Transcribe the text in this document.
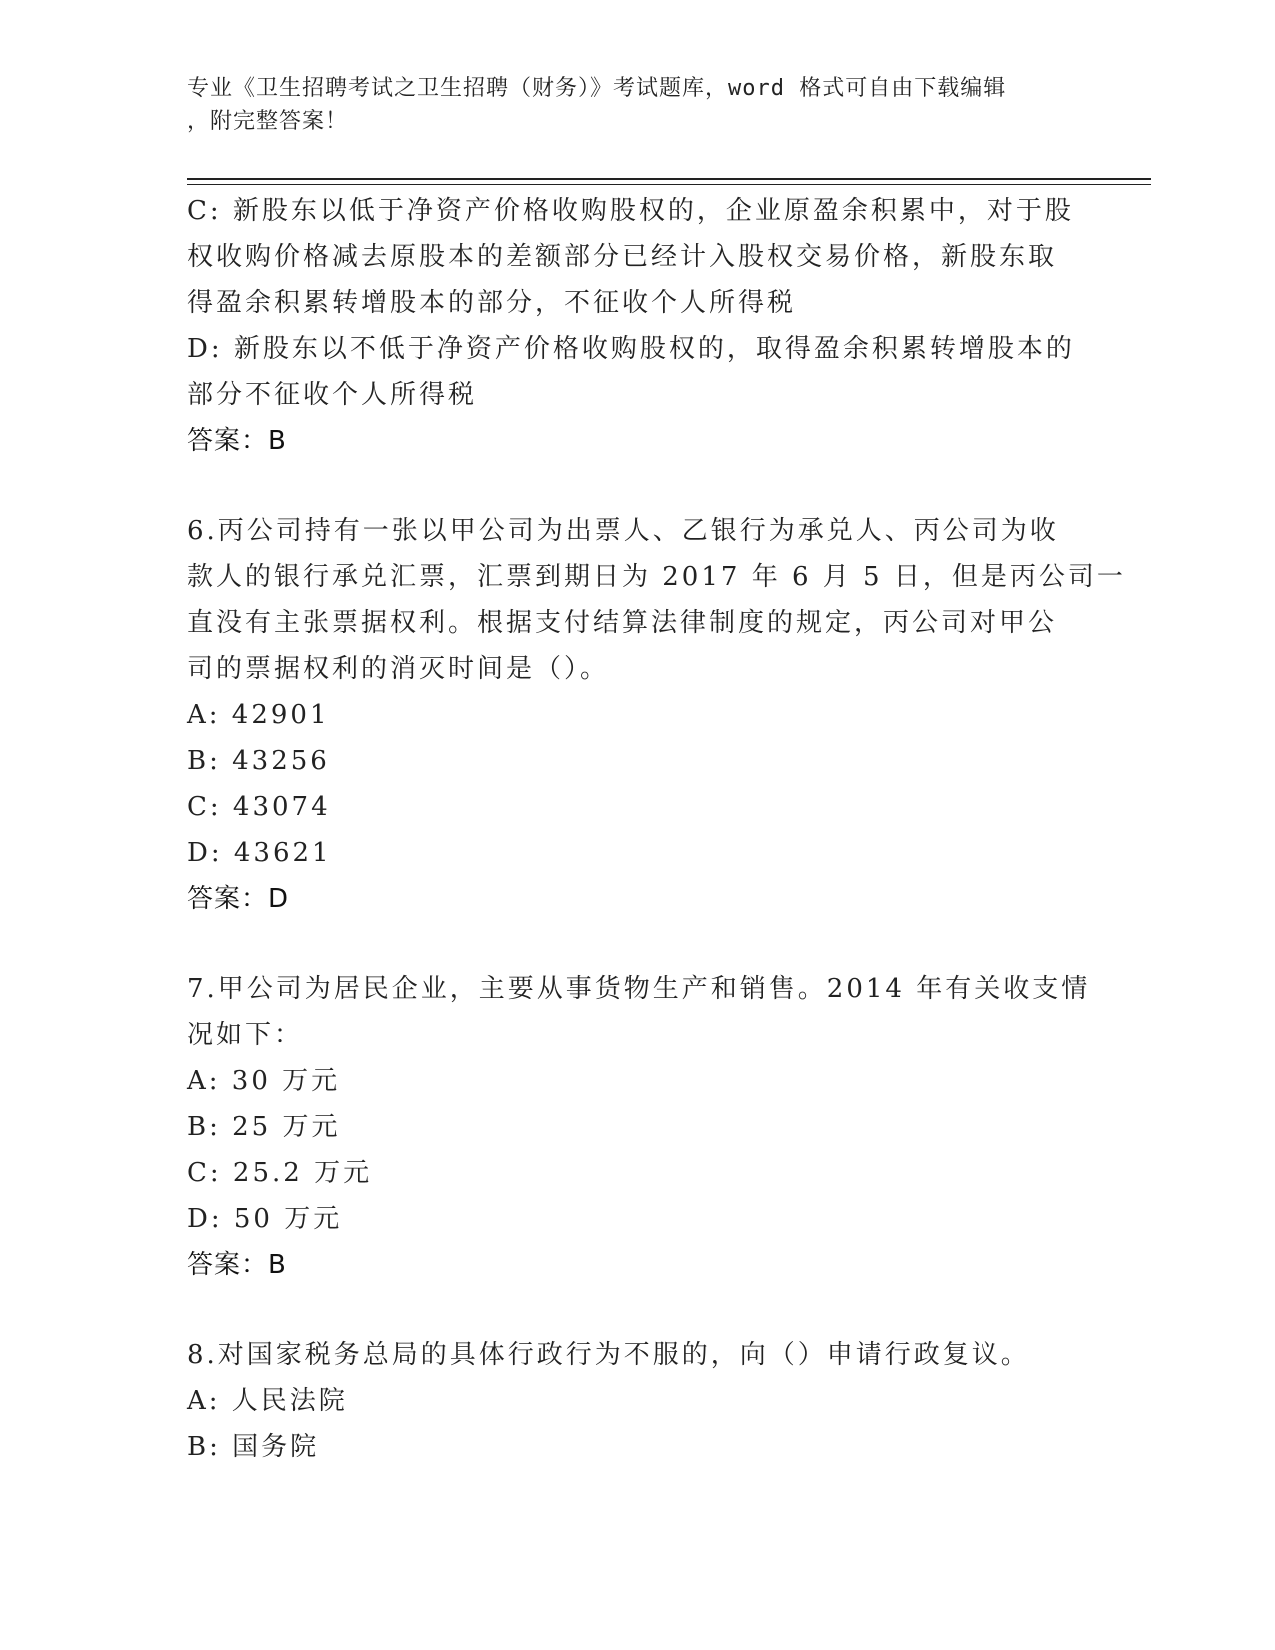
专业《卫生招聘考试之卫生招聘（财务）》考试题库，word 格式可自由下载编辑
，附完整答案！
C: 新股东以低于净资产价格收购股权的，企业原盈余积累中，对于股
权收购价格减去原股本的差额部分已经计入股权交易价格，新股东取
得盈余积累转增股本的部分，不征收个人所得税
D: 新股东以不低于净资产价格收购股权的，取得盈余积累转增股本的
部分不征收个人所得税
答案：B
6.丙公司持有一张以甲公司为出票人、乙银行为承兑人、丙公司为收
款人的银行承兑汇票，汇票到期日为 2017 年 6 月 5 日，但是丙公司一
直没有主张票据权利。根据支付结算法律制度的规定，丙公司对甲公
司的票据权利的消灭时间是（）。
A: 42901
B: 43256
C: 43074
D: 43621
答案：D
7.甲公司为居民企业，主要从事货物生产和销售。2014 年有关收支情
况如下：
A: 30 万元
B: 25 万元
C: 25.2 万元
D: 50 万元
答案：B
8.对国家税务总局的具体行政行为不服的，向（）申请行政复议。
A: 人民法院
B: 国务院
